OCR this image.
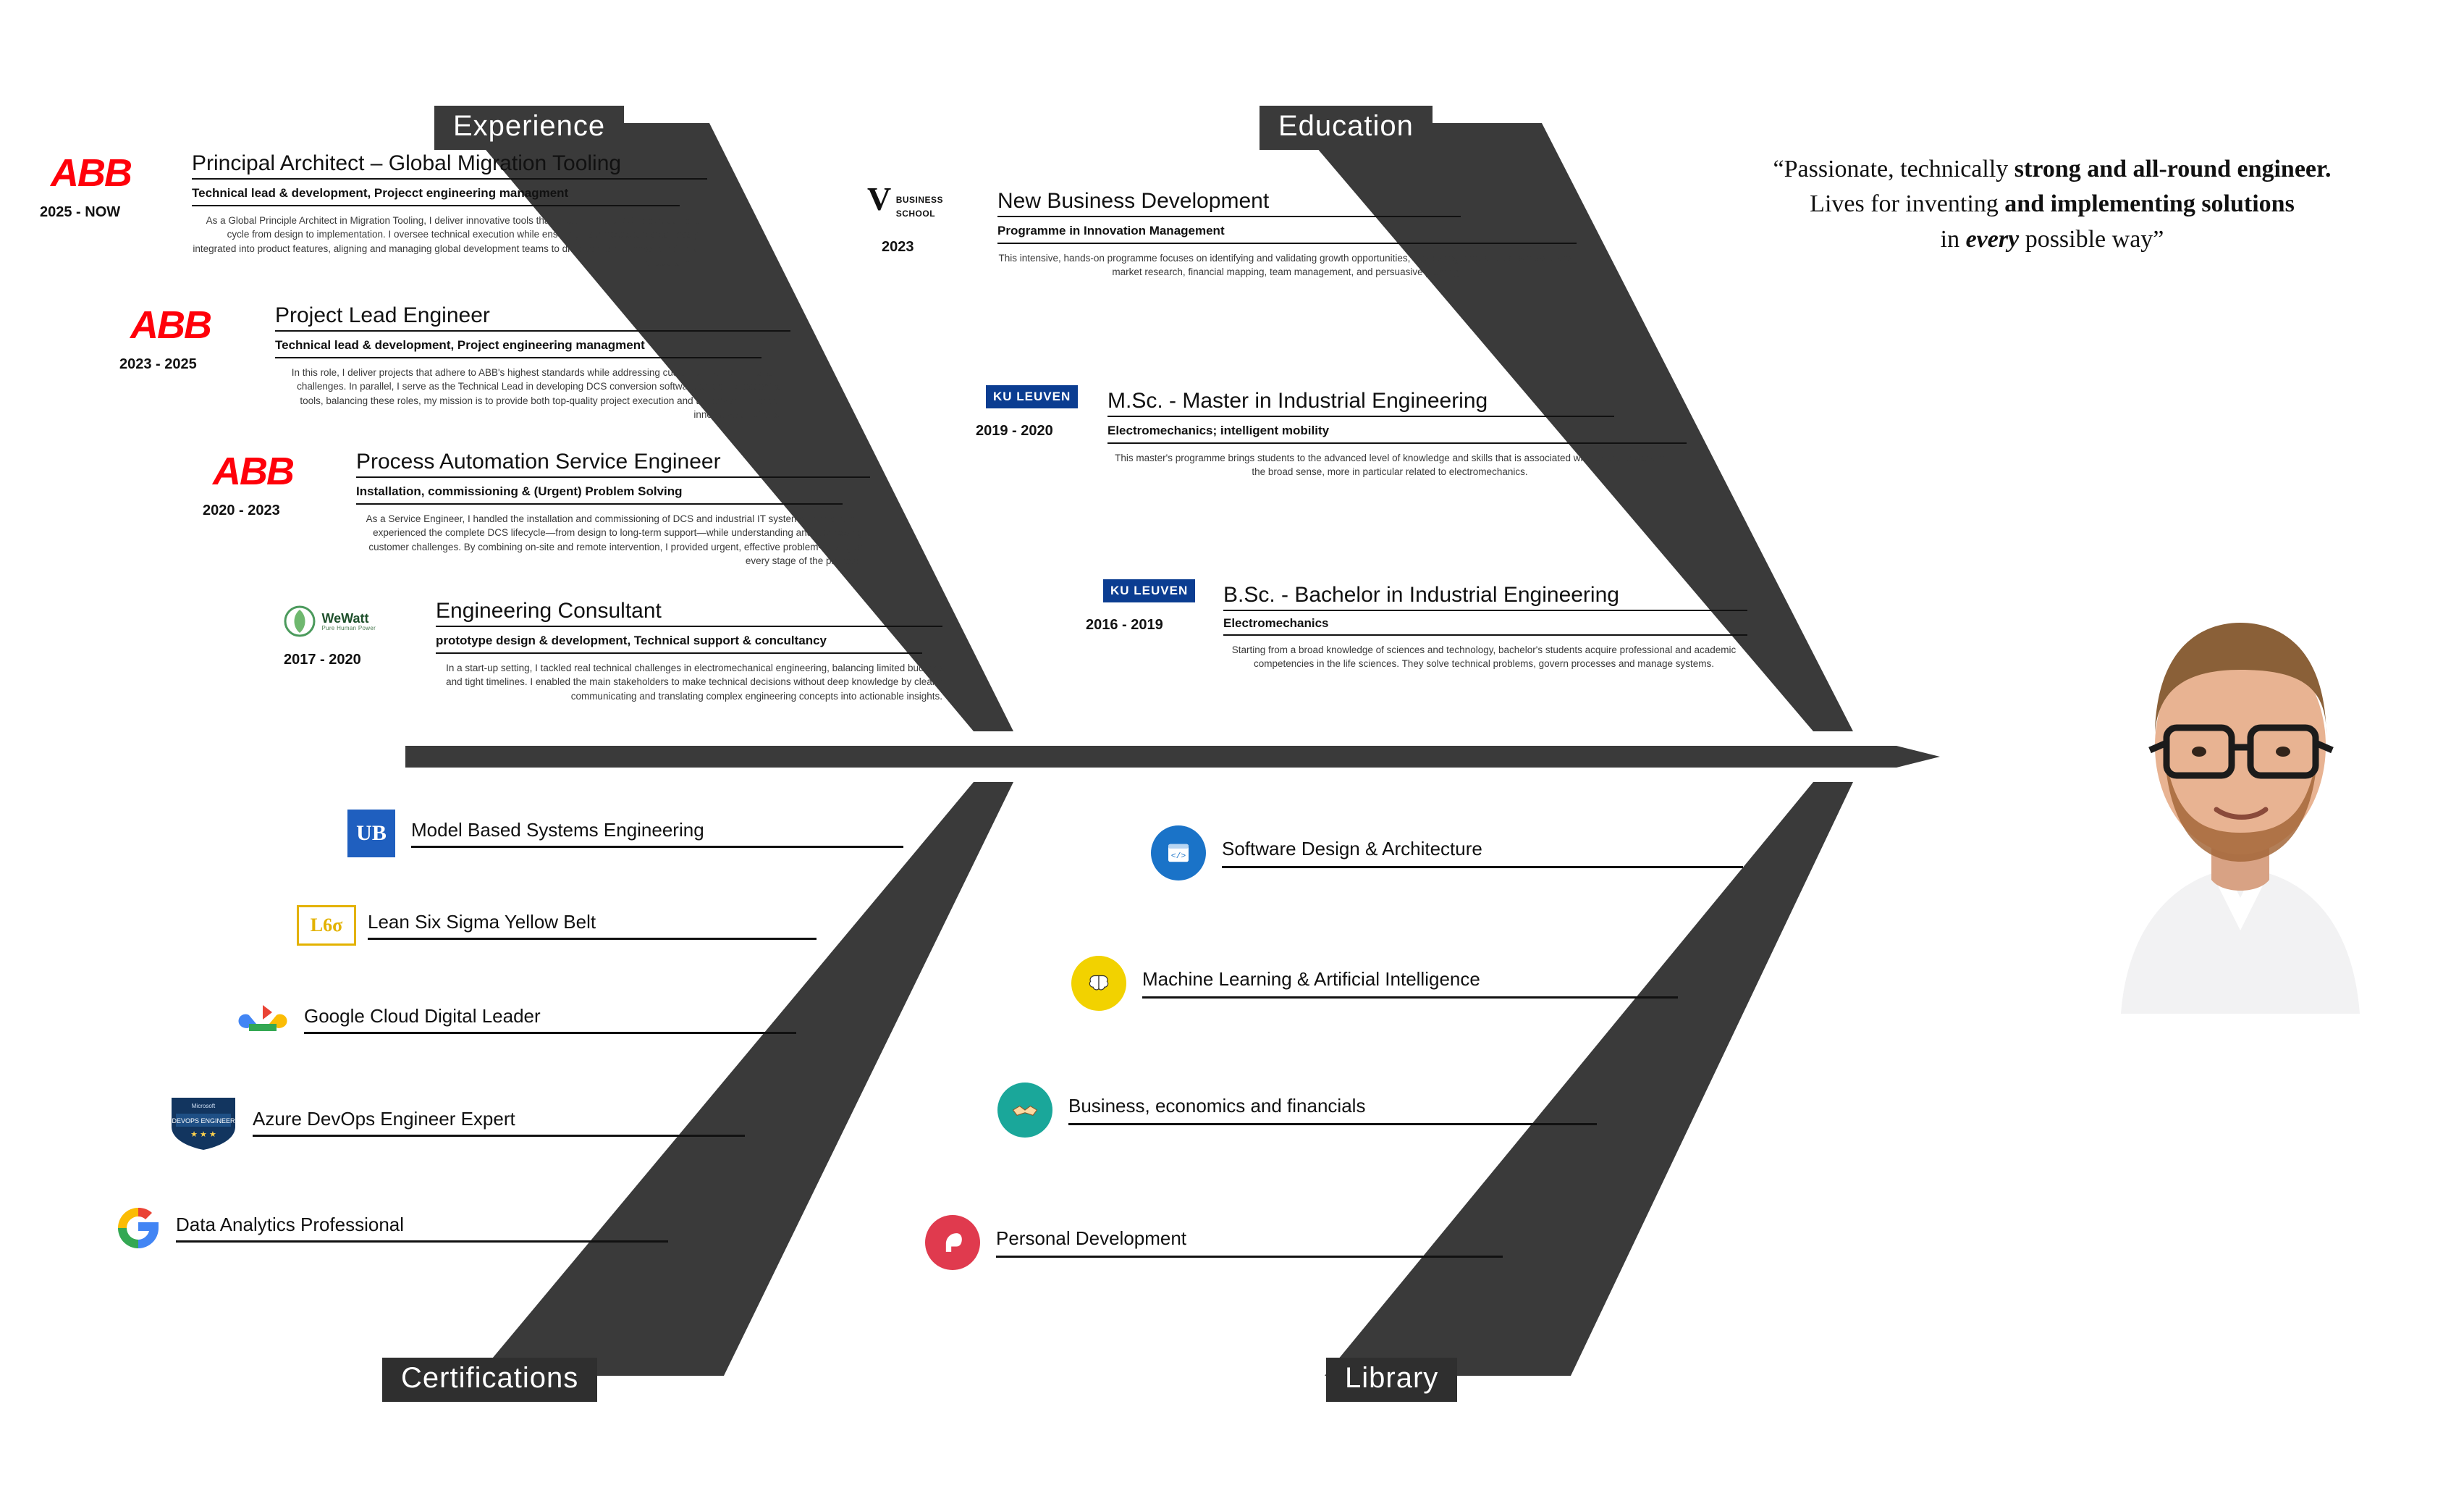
Experience	Education
Certifications	Library
“Passionate, technically strong and all-round engineer.
Lives for inventing and implementing solutions
in every possible way”
ABB
2025 - NOW
Principal Architect – Global Migration Tooling
Technical lead & development, Projecct engineering managment
As a Global Principle Architect in Migration Tooling, I deliver innovative tools that streamline the DCS development cycle from design to implementation. I oversee technical execution while ensuring user needs are seamlessly integrated into product features, aligning and managing global development teams to drive cohesive, cross-functional collaboration.
ABB
2023 - 2025
Project Lead Engineer
Technical lead & development, Project engineering managment
In this role, I deliver projects that adhere to ABB's highest standards while addressing customer requirements and challenges. In parallel, I serve as the Technical Lead in developing DCS conversion software and other essential tools, balancing these roles, my mission is to provide both top-quality project execution and the advancement of innovative solutions.
ABB
2020 - 2023
Process Automation Service Engineer
Installation, commissioning & (Urgent) Problem Solving
As a Service Engineer, I handled the installation and commissioning of DCS and industrial IT systems. In this role, I experienced the complete DCS lifecycle—from design to long-term support—while understanding and addressing customer challenges. By combining on-site and remote intervention, I provided urgent, effective problem-solving at every stage of the process.

WeWatt
Pure Human Power
2017 - 2020
Engineering Consultant
prototype design & development, Technical support & concultancy
In a start-up setting, I tackled real technical challenges in electromechanical engineering, balancing limited budgets and tight timelines. I enabled the main stakeholders to make technical decisions without deep knowledge by clearly communicating and translating complex engineering concepts into actionable insights.
V BUSINESS
SCHOOL
2023
New Business Development
Programme in Innovation Management
This intensive, hands-on programme focuses on identifying and validating growth opportunities, structuring innovative business plans, market research, financial mapping, team management, and persuasive pitching.
KU LEUVEN
2019 - 2020
M.Sc. - Master in Industrial Engineering
Electromechanics; intelligent mobility
This master's programme brings students to the advanced level of knowledge and skills that is associated with scientific work in the broad sense, more in particular related to electromechanics.
KU LEUVEN
2016 - 2019
B.Sc. - Bachelor in Industrial Engineering
Electromechanics
Starting from a broad knowledge of sciences and technology, bachelor's students acquire professional and academic competencies in the life sciences. They solve technical problems, govern processes and manage systems.
UB	Model Based Systems Engineering
L6σ	Lean Six Sigma Yellow Belt
Google Cloud Digital Leader
DEVOPS ENGINEER
Microsoft
★ ★ ★
Azure DevOps Engineer Expert
Data Analytics Professional
</> Software Design & Architecture
Machine Learning & Artificial Intelligence
Business, economics and financials
Personal Development
